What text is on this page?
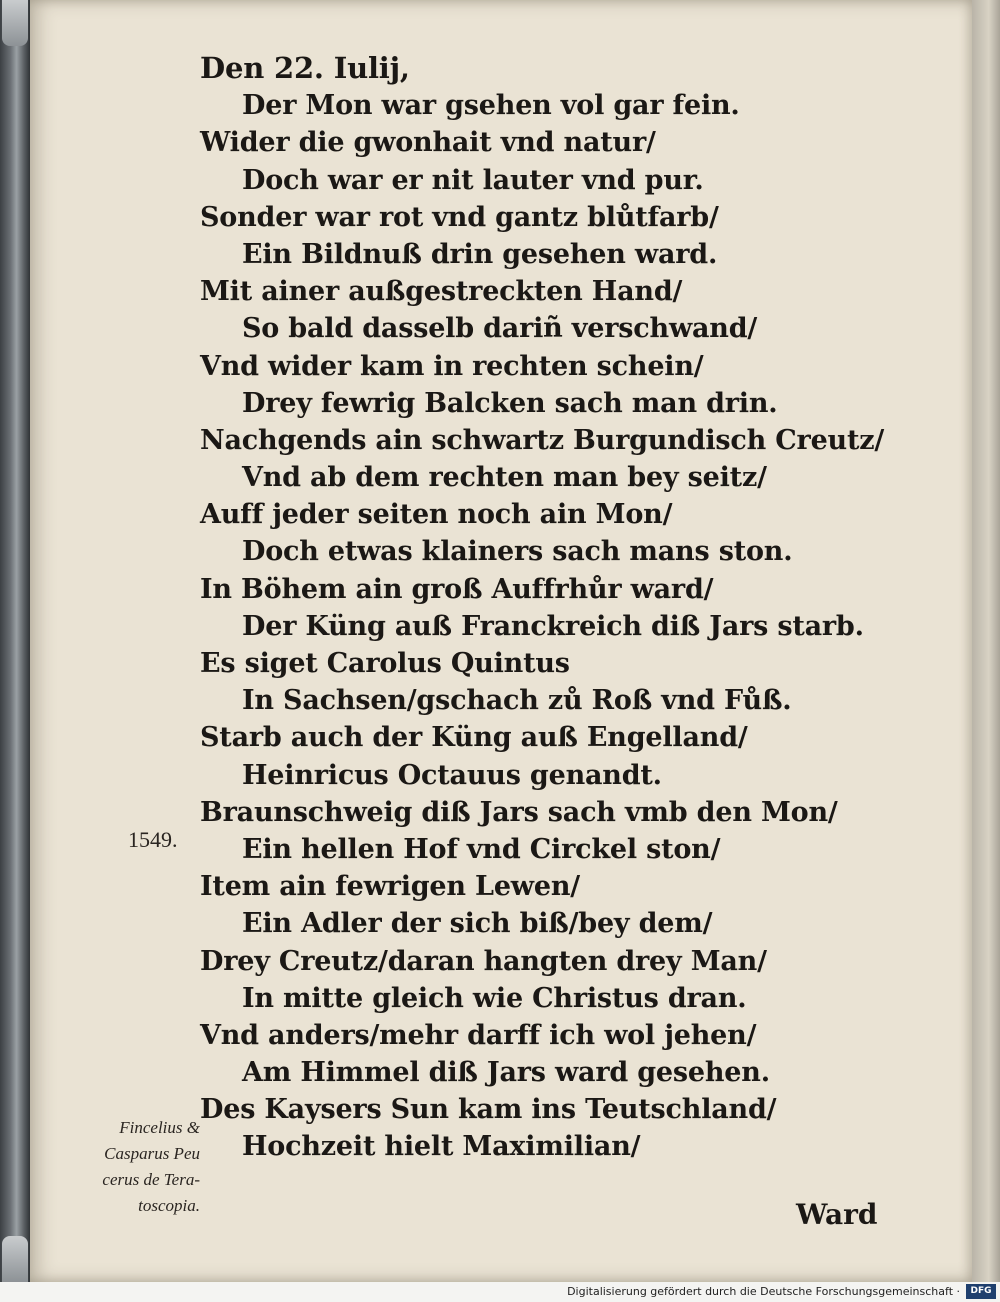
Den 22. Iulij,
Der Mon war gsehen vol gar fein.
Wider die gwonhait vnd natur/
Doch war er nit lauter vnd pur.
Sonder war rot vnd gantz blůtfarb/
Ein Bildnuß drin gesehen ward.
Mit ainer außgestreckten Hand/
So bald dasselb dariñ verschwand/
Vnd wider kam in rechten schein/
Drey fewrig Balcken sach man drin.
Nachgends ain schwartz Burgundisch Creutz/
Vnd ab dem rechten man bey seitz/
Auff jeder seiten noch ain Mon/
Doch etwas klainers sach mans ston.
In Böhem ain groß Auffrhůr ward/
Der Küng auß Franckreich diß Jars starb.
Es siget Carolus Quintus
In Sachsen/gschach zů Roß vnd Fůß.
Starb auch der Küng auß Engelland/
Heinricus Octauus genandt.
Braunschweig diß Jars sach vmb den Mon/
Ein hellen Hof vnd Circkel ston/
Item ain fewrigen Lewen/
Ein Adler der sich biß/bey dem/
Drey Creutz/daran hangten drey Man/
In mitte gleich wie Christus dran.
Vnd anders/mehr darff ich wol jehen/
Am Himmel diß Jars ward gesehen.
Des Kaysers Sun kam ins Teutschland/
Hochzeit hielt Maximilian/
1549.
Fincelius &
Casparus Peu
cerus de Tera-
toscopia.	Ward
Digitalisierung gefördert durch die Deutsche Forschungsgemeinschaft ·	DFG
